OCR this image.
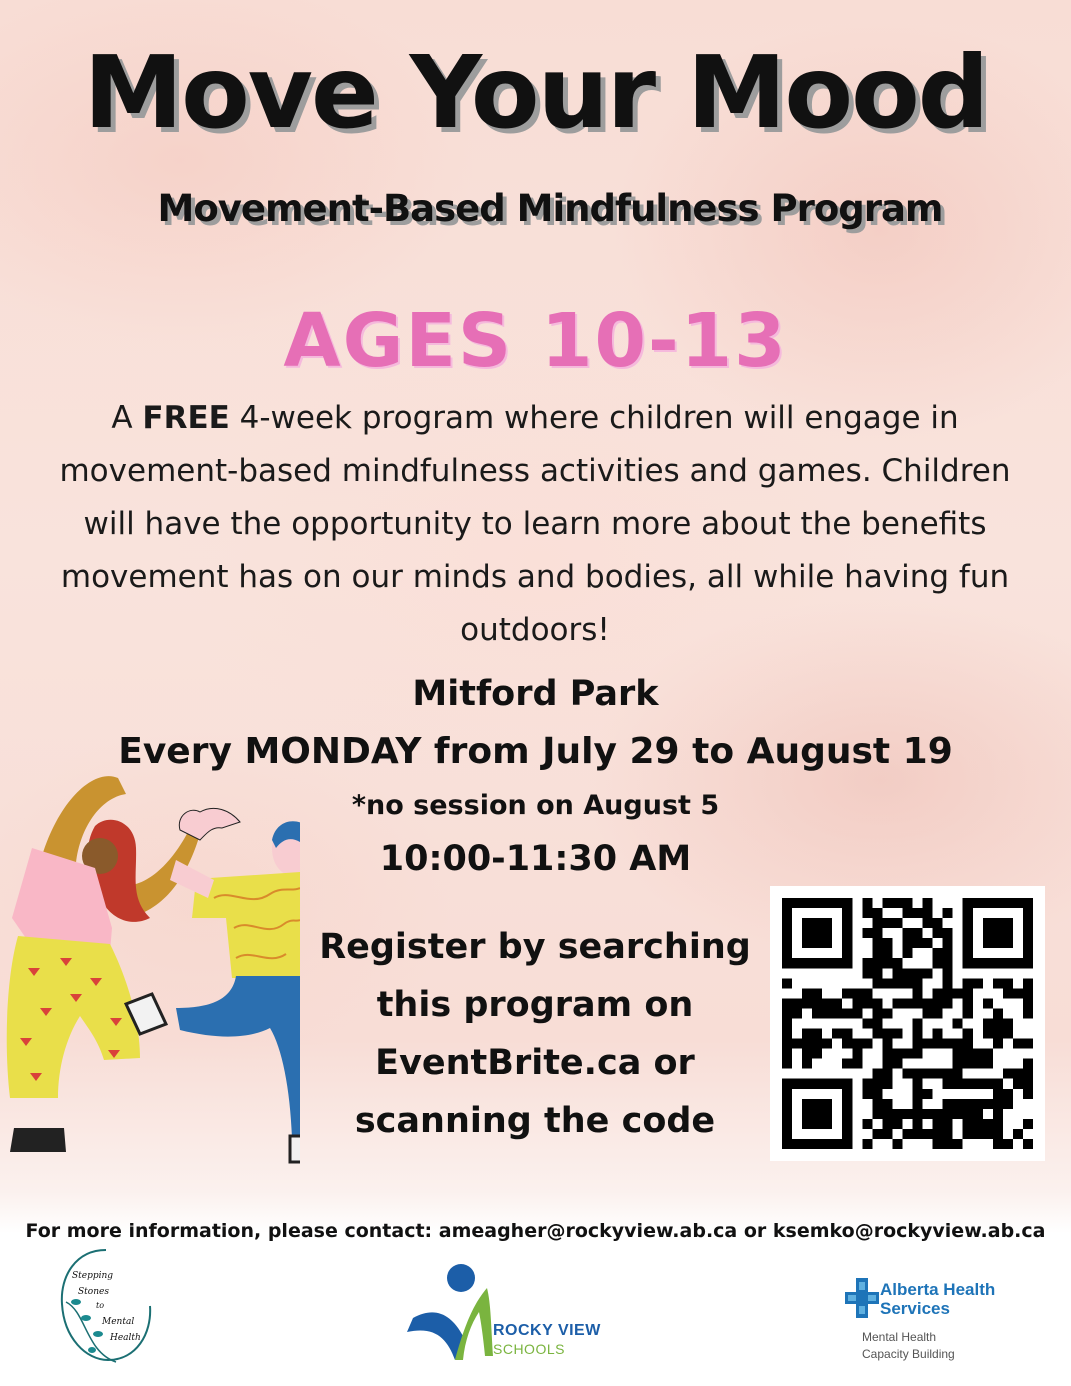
Move Your Mood
Movement-Based Mindfulness Program
AGES 10-13
A FREE 4-week program where children will engage in movement-based mindfulness activities and games. Children will have the opportunity to learn more about the benefits movement has on our minds and bodies, all while having fun outdoors!
Mitford Park
Every MONDAY from July 29 to August 19
*no session on August 5
10:00-11:30 AM
Register by searching
this program on
EventBrite.ca or
scanning the code
For more information, please contact: ameagher@rockyview.ab.ca or ksemko@rockyview.ab.ca
Stepping
Stones
to
Mental
Health	ROCKY VIEW
SCHOOLS
Alberta Health
Services
Mental Health
Capacity Building
